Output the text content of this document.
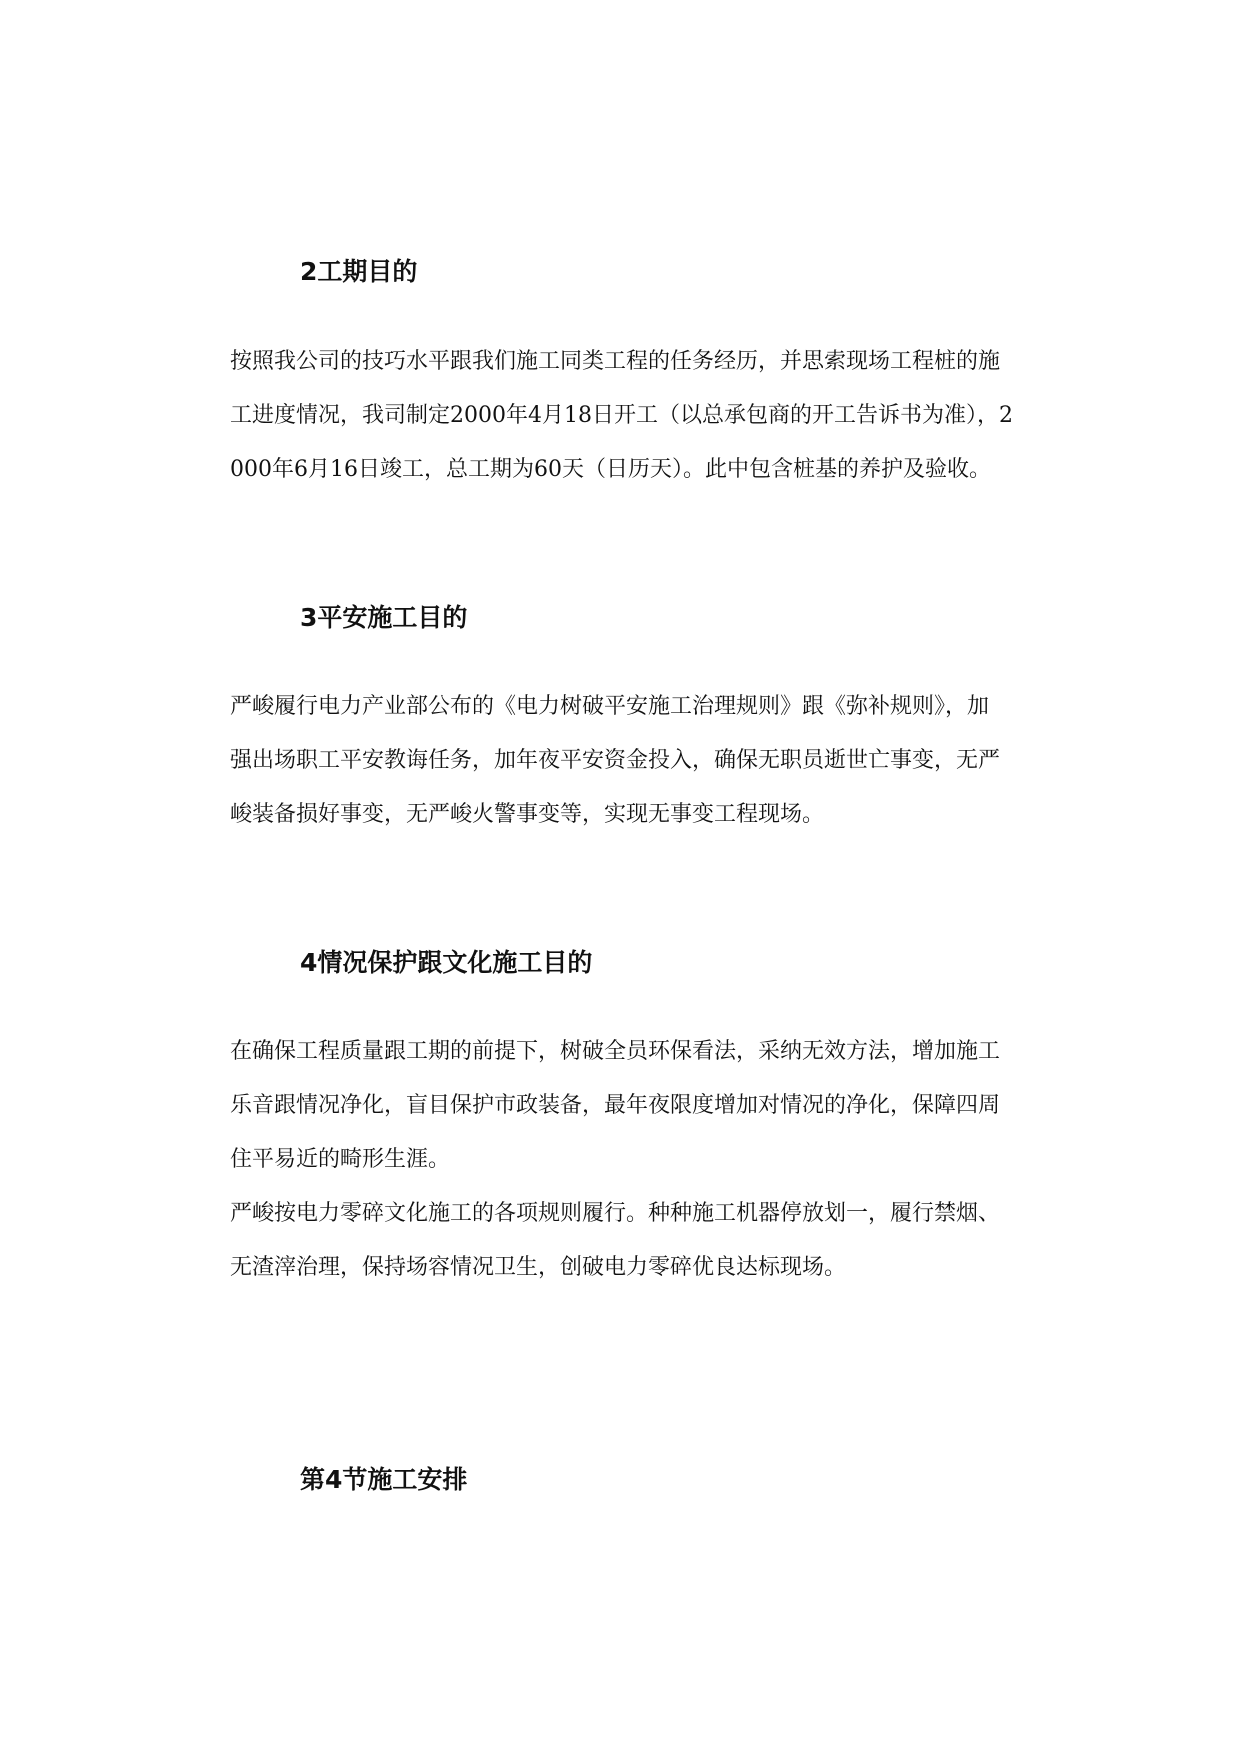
2工期目的
按照我公司的技巧水平跟我们施工同类工程的任务经历，并思索现场工程桩的施
工进度情况，我司制定2000年4月18日开工（以总承包商的开工告诉书为准），2
000年6月16日竣工，总工期为60天（日历天）。此中包含桩基的养护及验收。
3平安施工目的
严峻履行电力产业部公布的《电力树破平安施工治理规则》跟《弥补规则》，加
强出场职工平安教诲任务，加年夜平安资金投入，确保无职员逝世亡事变，无严
峻装备损好事变，无严峻火警事变等，实现无事变工程现场。
4情况保护跟文化施工目的
在确保工程质量跟工期的前提下，树破全员环保看法，采纳无效方法，增加施工
乐音跟情况净化，盲目保护市政装备，最年夜限度增加对情况的净化，保障四周
住平易近的畸形生涯。
严峻按电力零碎文化施工的各项规则履行。种种施工机器停放划一，履行禁烟、
无渣滓治理，保持场容情况卫生，创破电力零碎优良达标现场。
第4节施工安排
